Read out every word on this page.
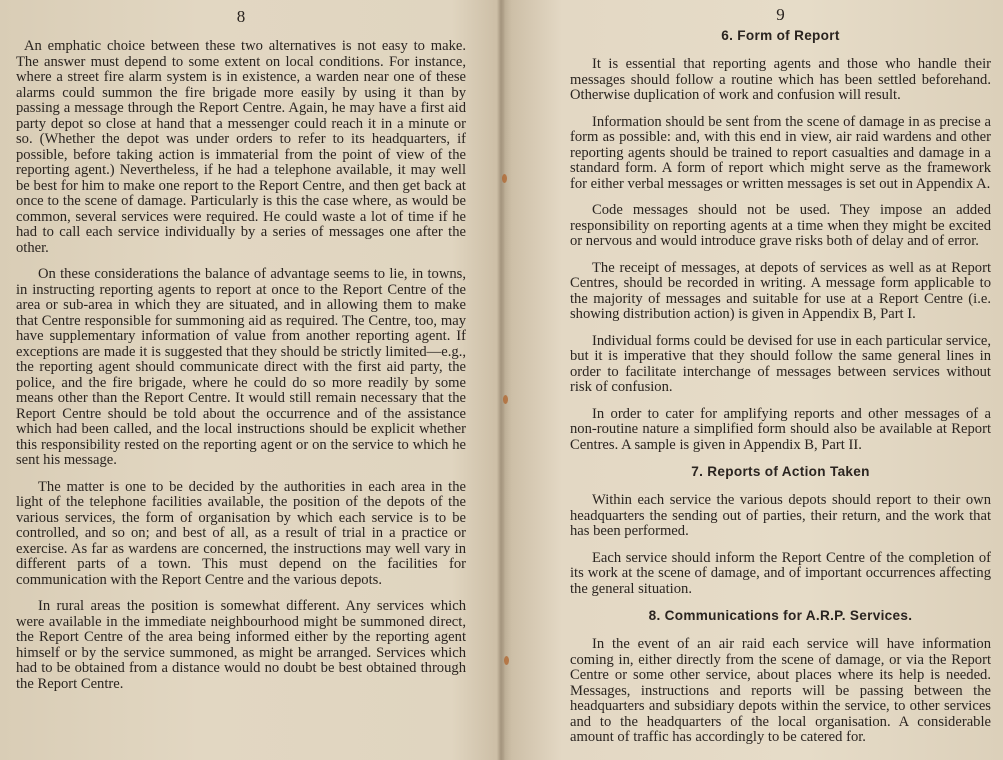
8

An emphatic choice between these two alternatives is not easy to make. The answer must depend to some extent on local conditions. For instance, where a street fire alarm system is in existence, a warden near one of these alarms could summon the fire brigade more easily by using it than by passing a message through the Report Centre. Again, he may have a first aid party depot so close at hand that a messenger could reach it in a minute or so. (Whether the depot was under orders to refer to its headquarters, if possible, before taking action is immaterial from the point of view of the reporting agent.) Nevertheless, if he had a telephone available, it may well be best for him to make one report to the Report Centre, and then get back at once to the scene of damage. Particularly is this the case where, as would be common, several services were required. He could waste a lot of time if he had to call each service individually by a series of messages one after the other.

On these considerations the balance of advantage seems to lie, in towns, in instructing reporting agents to report at once to the Report Centre of the area or sub-area in which they are situated, and in allowing them to make that Centre responsible for summoning aid as required. The Centre, too, may have supplementary information of value from another reporting agent. If exceptions are made it is suggested that they should be strictly limited—e.g., the reporting agent should communicate direct with the first aid party, the police, and the fire brigade, where he could do so more readily by some means other than the Report Centre. It would still remain necessary that the Report Centre should be told about the occurrence and of the assistance which had been called, and the local instructions should be explicit whether this responsibility rested on the reporting agent or on the service to which he sent his message.

The matter is one to be decided by the authorities in each area in the light of the telephone facilities available, the position of the depots of the various services, the form of organisation by which each service is to be controlled, and so on; and best of all, as a result of trial in a practice or exercise. As far as wardens are concerned, the instructions may well vary in different parts of a town. This must depend on the facilities for communication with the Report Centre and the various depots.

In rural areas the position is somewhat different. Any services which were available in the immediate neighbourhood might be summoned direct, the Report Centre of the area being informed either by the reporting agent himself or by the service summoned, as might be arranged. Services which had to be obtained from a distance would no doubt be best obtained through the Report Centre.

9
6. Form of Report

It is essential that reporting agents and those who handle their messages should follow a routine which has been settled beforehand. Otherwise duplication of work and confusion will result.

Information should be sent from the scene of damage in as precise a form as possible: and, with this end in view, air raid wardens and other reporting agents should be trained to report casualties and damage in a standard form. A form of report which might serve as the framework for either verbal messages or written messages is set out in Appendix A.

Code messages should not be used. They impose an added responsibility on reporting agents at a time when they might be excited or nervous and would introduce grave risks both of delay and of error.

The receipt of messages, at depots of services as well as at Report Centres, should be recorded in writing. A message form applicable to the majority of messages and suitable for use at a Report Centre (i.e. showing distribution action) is given in Appendix B, Part I.

Individual forms could be devised for use in each particular service, but it is imperative that they should follow the same general lines in order to facilitate interchange of messages between services without risk of confusion.

In order to cater for amplifying reports and other messages of a non-routine nature a simplified form should also be available at Report Centres. A sample is given in Appendix B, Part II.

7. Reports of Action Taken

Within each service the various depots should report to their own headquarters the sending out of parties, their return, and the work that has been performed.

Each service should inform the Report Centre of the completion of its work at the scene of damage, and of important occurrences affecting the general situation.

8. Communications for A.R.P. Services.

In the event of an air raid each service will have information coming in, either directly from the scene of damage, or via the Report Centre or some other service, about places where its help is needed. Messages, instructions and reports will be passing between the headquarters and subsidiary depots within the service, to other services and to the headquarters of the local organisation. A considerable amount of traffic has accordingly to be catered for.
